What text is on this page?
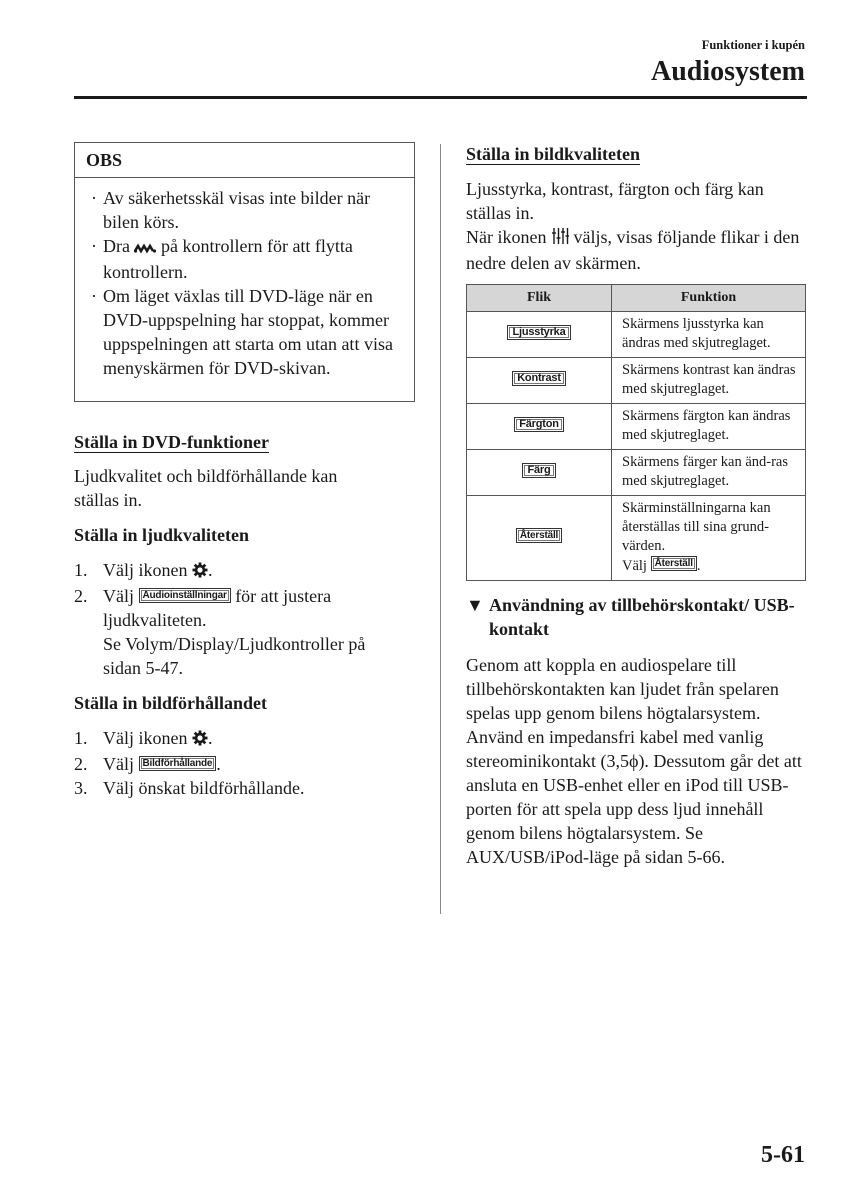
Funktioner i kupén
Audiosystem
OBS
· Av säkerhetsskäl visas inte bilder när bilen körs.
· Dra  på kontrollern för att flytta kontrollern.
· Om läget växlas till DVD-läge när en DVD-uppspelning har stoppat, kommer uppspelningen att starta om utan att visa menyskärmen för DVD-skivan.
Ställa in DVD-funktioner
Ljudkvalitet och bildförhållande kan ställas in.
Ställa in ljudkvaliteten
1. Välj ikonen .
2. Välj Audioinställningar för att justera ljudkvaliteten.
Se Volym/Display/Ljudkontroller på sidan 5-47.
Ställa in bildförhållandet
1. Välj ikonen .
2. Välj Bildförhållande .
3. Välj önskat bildförhållande.
Ställa in bildkvaliteten
Ljusstyrka, kontrast, färgton och färg kan ställas in.
När ikonen  väljs, visas följande flikar i den nedre delen av skärmen.
Flik	Funktion
Ljusstyrka	Skärmens ljusstyrka kan ändras med skjutreglaget.
Kontrast	Skärmens kontrast kan ändras med skjutreglaget.
Färgton	Skärmens färgton kan ändras med skjutreglaget.
Färg	Skärmens färger kan änd-ras med skjutreglaget.
Återställ	Skärminställningarna kan återställas till sina grund-värden.
Välj Återställ .
▼ Användning av tillbehörskontakt/ USB-kontakt
Genom att koppla en audiospelare till tillbehörskontakten kan ljudet från spelaren spelas upp genom bilens högtalarsystem. Använd en impedansfri kabel med vanlig stereominikontakt (3,5ϕ). Dessutom går det att ansluta en USB-enhet eller en iPod till USB-porten för att spela upp dess ljud innehåll genom bilens högtalarsystem. Se AUX/USB/iPod-läge på sidan 5-66.
5-61
